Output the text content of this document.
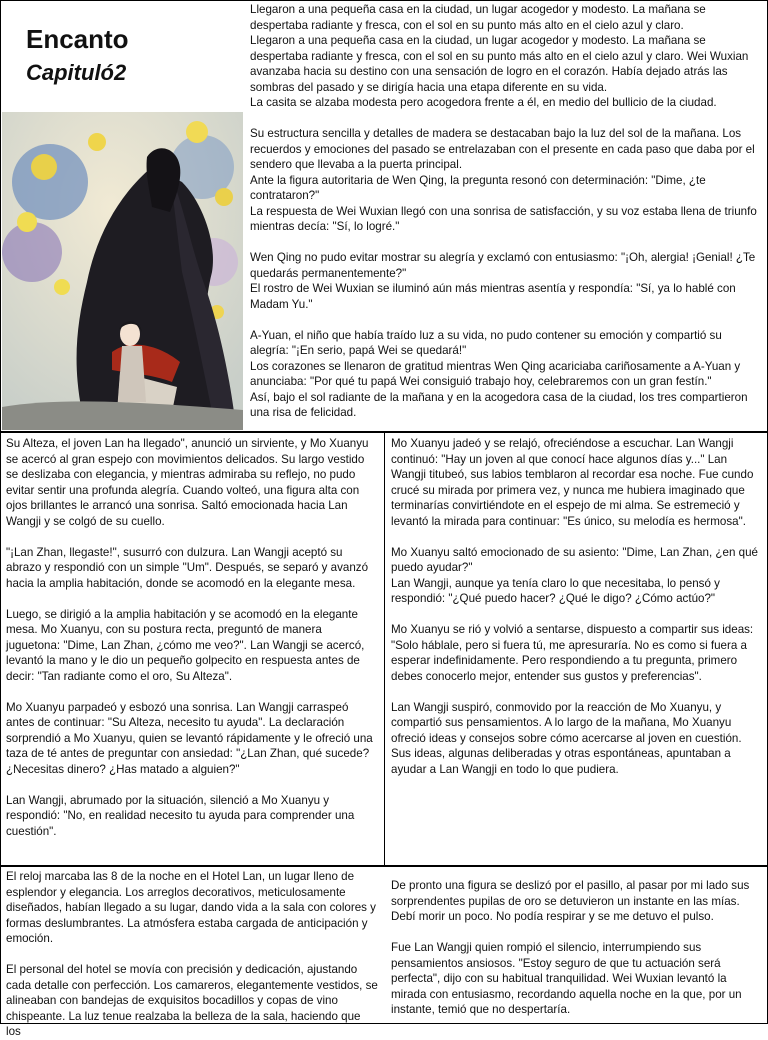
Encanto
Capituló2

Llegaron a una pequeña casa en la ciudad, un lugar acogedor y modesto. La mañana se despertaba radiante y fresca, con el sol en su punto más alto en el cielo azul y claro.

Llegaron a una pequeña casa en la ciudad, un lugar acogedor y modesto. La mañana se despertaba radiante y fresca, con el sol en su punto más alto en el cielo azul y claro. Wei Wuxian avanzaba hacia su destino con una sensación de logro en el corazón. Había dejado atrás las sombras del pasado y se dirigía hacia una etapa diferente en su vida.

La casita se alzaba modesta pero acogedora frente a él, en medio del bullicio de la ciudad.

Su estructura sencilla y detalles de madera se destacaban bajo la luz del sol de la mañana. Los recuerdos y emociones del pasado se entrelazaban con el presente en cada paso que daba por el sendero que llevaba a la puerta principal.

Ante la figura autoritaria de Wen Qing, la pregunta resonó con determinación: "Dime, ¿te contrataron?"

La respuesta de Wei Wuxian llegó con una sonrisa de satisfacción, y su voz estaba llena de triunfo mientras decía: "Sí, lo logré."

Wen Qing no pudo evitar mostrar su alegría y exclamó con entusiasmo: "¡Oh, alergia! ¡Genial! ¿Te quedarás permanentemente?"

El rostro de Wei Wuxian se iluminó aún más mientras asentía y respondía: "Sí, ya lo hablé con Madam Yu."

A-Yuan, el niño que había traído luz a su vida, no pudo contener su emoción y compartió su alegría: "¡En serio, papá Wei se quedará!"

Los corazones se llenaron de gratitud mientras Wen Qing acariciaba cariñosamente a A-Yuan y anunciaba: "Por qué tu papá Wei consiguió trabajo hoy, celebraremos con un gran festín."

Así, bajo el sol radiante de la mañana y en la acogedora casa de la ciudad, los tres compartieron una risa de felicidad.

Su Alteza, el joven Lan ha llegado", anunció un sirviente, y Mo Xuanyu se acercó al gran espejo con movimientos delicados. Su largo vestido se deslizaba con elegancia, y mientras admiraba su reflejo, no pudo evitar sentir una profunda alegría. Cuando volteó, una figura alta con ojos brillantes le arrancó una sonrisa. Saltó emocionada hacia Lan Wangji y se colgó de su cuello.

"¡Lan Zhan, llegaste!", susurró con dulzura. Lan Wangji aceptó su abrazo y respondió con un simple "Um". Después, se separó y avanzó hacia la amplia habitación, donde se acomodó en la elegante mesa.

Luego, se dirigió a la amplia habitación y se acomodó en la elegante mesa. Mo Xuanyu, con su postura recta, preguntó de manera juguetona: "Dime, Lan Zhan, ¿cómo me veo?". Lan Wangji se acercó, levantó la mano y le dio un pequeño golpecito en respuesta antes de decir: "Tan radiante como el oro, Su Alteza".

Mo Xuanyu parpadeó y esbozó una sonrisa. Lan Wangji carraspeó antes de continuar: "Su Alteza, necesito tu ayuda". La declaración sorprendió a Mo Xuanyu, quien se levantó rápidamente y le ofreció una taza de té antes de preguntar con ansiedad: "¿Lan Zhan, qué sucede? ¿Necesitas dinero? ¿Has matado a alguien?"

Lan Wangji, abrumado por la situación, silenció a Mo Xuanyu y respondió: "No, en realidad necesito tu ayuda para comprender una cuestión".

Mo Xuanyu jadeó y se relajó, ofreciéndose a escuchar. Lan Wangji continuó: "Hay un joven al que conocí hace algunos días y..." Lan Wangji titubeó, sus labios temblaron al recordar esa noche. Fue cundo crucé su mirada por primera vez, y nunca me hubiera imaginado que terminarías convirtiéndote en el espejo de mi alma. Se estremeció y levantó la mirada para continuar: "Es único, su melodía es hermosa".

Mo Xuanyu saltó emocionado de su asiento: "Dime, Lan Zhan, ¿en qué puedo ayudar?"

Lan Wangji, aunque ya tenía claro lo que necesitaba, lo pensó y respondió: "¿Qué puedo hacer? ¿Qué le digo? ¿Cómo actúo?"

Mo Xuanyu se rió y volvió a sentarse, dispuesto a compartir sus ideas: "Solo háblale, pero si fuera tú, me apresuraría. No es como si fuera a esperar indefinidamente. Pero respondiendo a tu pregunta, primero debes conocerlo mejor, entender sus gustos y preferencias".

Lan Wangji suspiró, conmovido por la reacción de Mo Xuanyu, y compartió sus pensamientos. A lo largo de la mañana, Mo Xuanyu ofreció ideas y consejos sobre cómo acercarse al joven en cuestión. Sus ideas, algunas deliberadas y otras espontáneas, apuntaban a ayudar a Lan Wangji en todo lo que pudiera.

El reloj marcaba las 8 de la noche en el Hotel Lan, un lugar lleno de esplendor y elegancia. Los arreglos decorativos, meticulosamente diseñados, habían llegado a su lugar, dando vida a la sala con colores y formas deslumbrantes. La atmósfera estaba cargada de anticipación y emoción.

El personal del hotel se movía con precisión y dedicación, ajustando cada detalle con perfección. Los camareros, elegantemente vestidos, se alineaban con bandejas de exquisitos bocadillos y copas de vino chispeante. La luz tenue realzaba la belleza de la sala, haciendo que los

De pronto una figura se deslizó por el pasillo, al pasar por mi lado sus sorprendentes pupilas de oro se detuvieron un instante en las mías. Debí morir un poco. No podía respirar y se me detuvo el pulso.

Fue Lan Wangji quien rompió el silencio, interrumpiendo sus pensamientos ansiosos. "Estoy seguro de que tu actuación será perfecta", dijo con su habitual tranquilidad. Wei Wuxian levantó la mirada con entusiasmo, recordando aquella noche en la que, por un instante, temió que no despertaría.
